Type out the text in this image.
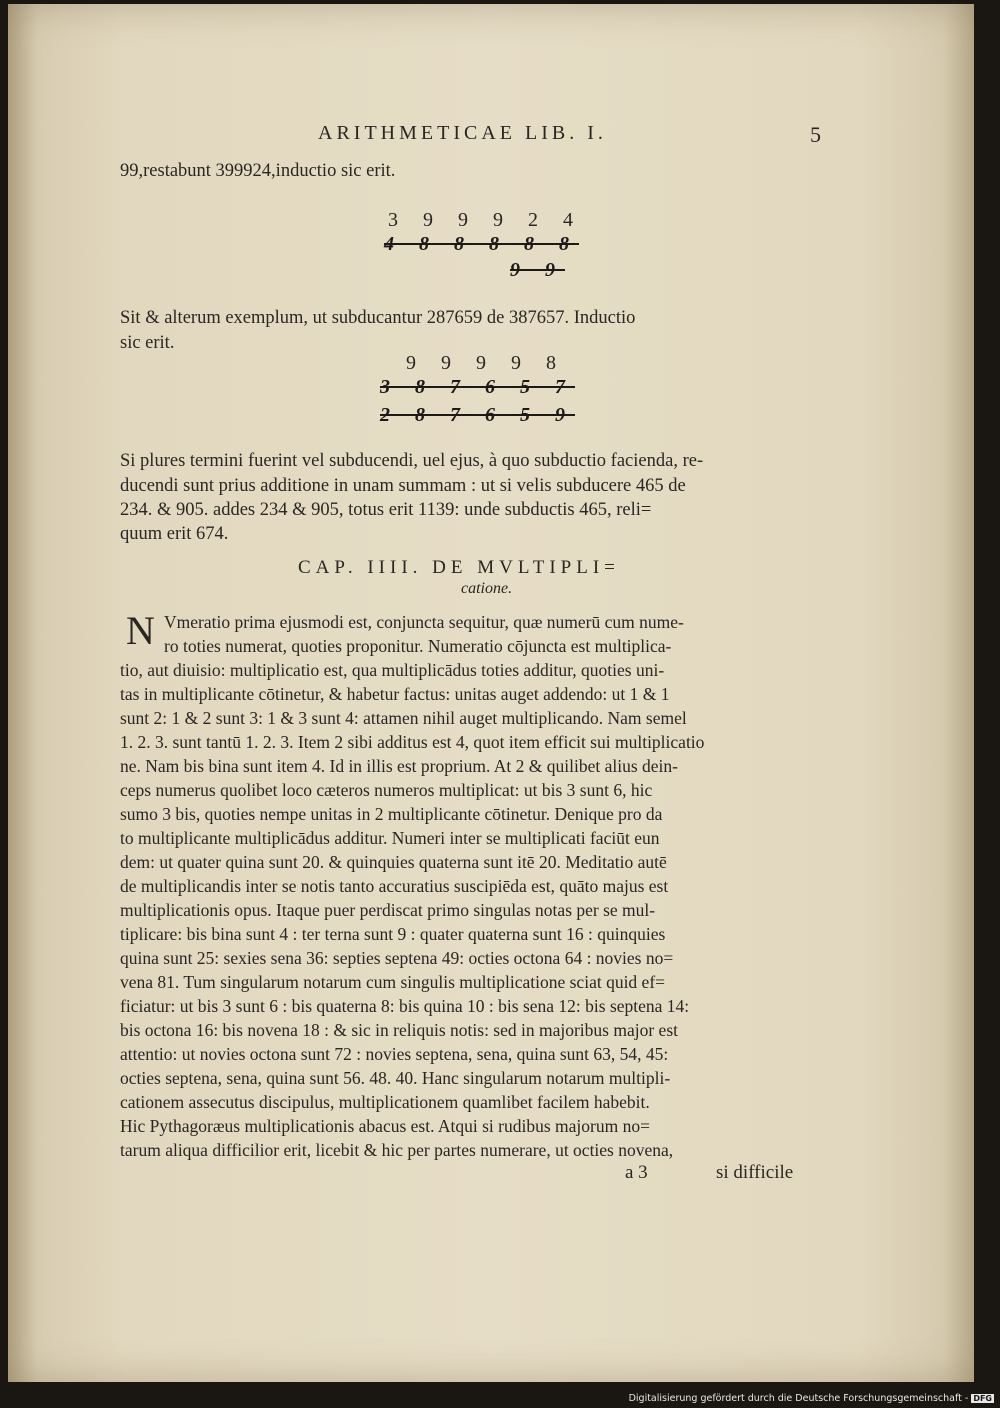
ARITHMETICAE LIB. I.	5
99,restabunt 399924,inductio sic erit.
3 9 9 9 2 4
4 8 8 8 8 8
9 9
Sit & alterum exemplum, ut subducantur 287659 de 387657. Inductio
sic erit.
9 9 9 9 8
3 8 7 6 5 7
2 8 7 6 5 9
Si plures termini fuerint vel subducendi, uel ejus, à quo subductio facienda, re-
ducendi sunt prius additione in unam summam : ut si velis subducere 465 de
234. & 905. addes 234 & 905, totus erit 1139: unde subductis 465, reli=
quum erit 674.
CAP. IIII. DE MVLTIPLI=
catione.
N Vmeratio prima ejusmodi est, conjuncta sequitur, quæ numerū cum nume-
ro toties numerat, quoties proponitur. Numeratio cōjuncta est multiplica-
tio, aut diuisio: multiplicatio est, qua multiplicādus toties additur, quoties uni-
tas in multiplicante cōtinetur, & habetur factus: unitas auget addendo: ut 1 & 1
sunt 2: 1 & 2 sunt 3: 1 & 3 sunt 4: attamen nihil auget multiplicando. Nam semel
1. 2. 3. sunt tantū 1. 2. 3. Item 2 sibi additus est 4, quot item efficit sui multiplicatio
ne. Nam bis bina sunt item 4. Id in illis est proprium. At 2 & quilibet alius dein-
ceps numerus quolibet loco cæteros numeros multiplicat: ut bis 3 sunt 6, hic
sumo 3 bis, quoties nempe unitas in 2 multiplicante cōtinetur. Denique pro da
to multiplicante multiplicādus additur. Numeri inter se multiplicati faciūt eun
dem: ut quater quina sunt 20. & quinquies quaterna sunt itē 20. Meditatio autē
de multiplicandis inter se notis tanto accuratius suscipiēda est, quāto majus est
multiplicationis opus. Itaque puer perdiscat primo singulas notas per se mul-
tiplicare: bis bina sunt 4 : ter terna sunt 9 : quater quaterna sunt 16 : quinquies
quina sunt 25: sexies sena 36: septies septena 49: octies octona 64 : novies no=
vena 81. Tum singularum notarum cum singulis multiplicatione sciat quid ef=
ficiatur: ut bis 3 sunt 6 : bis quaterna 8: bis quina 10 : bis sena 12: bis septena 14:
bis octona 16: bis novena 18 : & sic in reliquis notis: sed in majoribus major est
attentio: ut novies octona sunt 72 : novies septena, sena, quina sunt 63, 54, 45:
octies septena, sena, quina sunt 56. 48. 40. Hanc singularum notarum multipli-
cationem assecutus discipulus, multiplicationem quamlibet facilem habebit.
Hic Pythagoræus multiplicationis abacus est. Atqui si rudibus majorum no=
tarum aliqua difficilior erit, licebit & hic per partes numerare, ut octies novena,
a 3	si difficile
Digitalisierung gefördert durch die Deutsche Forschungsgemeinschaft - DFG
